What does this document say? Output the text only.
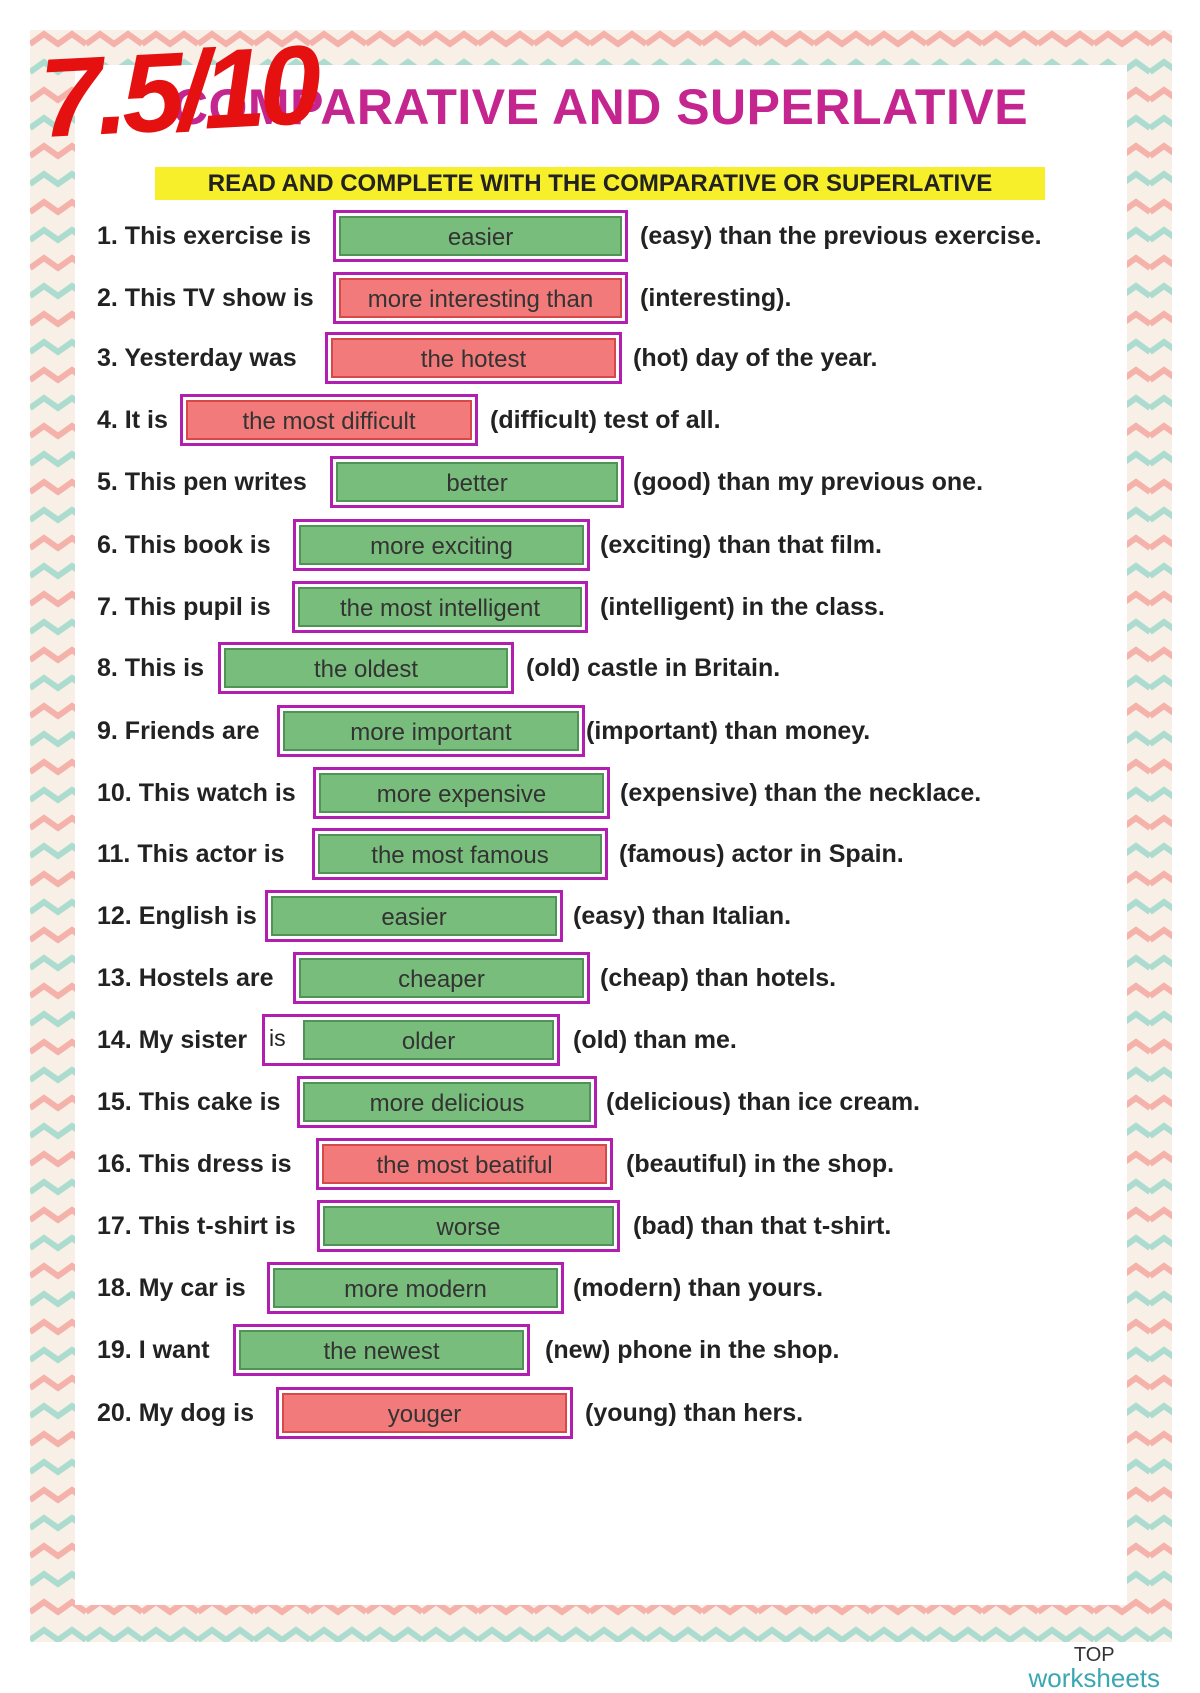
COMPARATIVE AND SUPERLATIVE
READ AND COMPLETE WITH THE COMPARATIVE OR SUPERLATIVE
7.5/10
1. This exercise is	easier	(easy) than the previous exercise.
2. This TV show is	more interesting than	(interesting).
3. Yesterday was	the hotest	(hot) day of the year.
4. It is	the most difficult	(difficult) test of all.
5. This pen writes	better	(good) than my previous one.
6. This book is	more exciting	(exciting) than that film.
7. This pupil is	the most intelligent	(intelligent) in the class.
8. This is	the oldest	(old) castle in Britain.
9. Friends are	more important	(important) than money.
10. This watch is	more expensive	(expensive) than the necklace.
11. This actor is	the most famous	(famous) actor in Spain.
12. English is	easier	(easy) than Italian.
13. Hostels are	cheaper	(cheap) than hotels.
14. My sister is	older	(old) than me.
15. This cake is	more delicious	(delicious) than ice cream.
16. This dress is	the most beatiful	(beautiful) in the shop.
17. This t-shirt is	worse	(bad) than that t-shirt.
18. My car is	more modern	(modern) than yours.
19. I want	the newest	(new) phone in the shop.
20. My dog is	youger	(young) than hers.
TOP
worksheets
